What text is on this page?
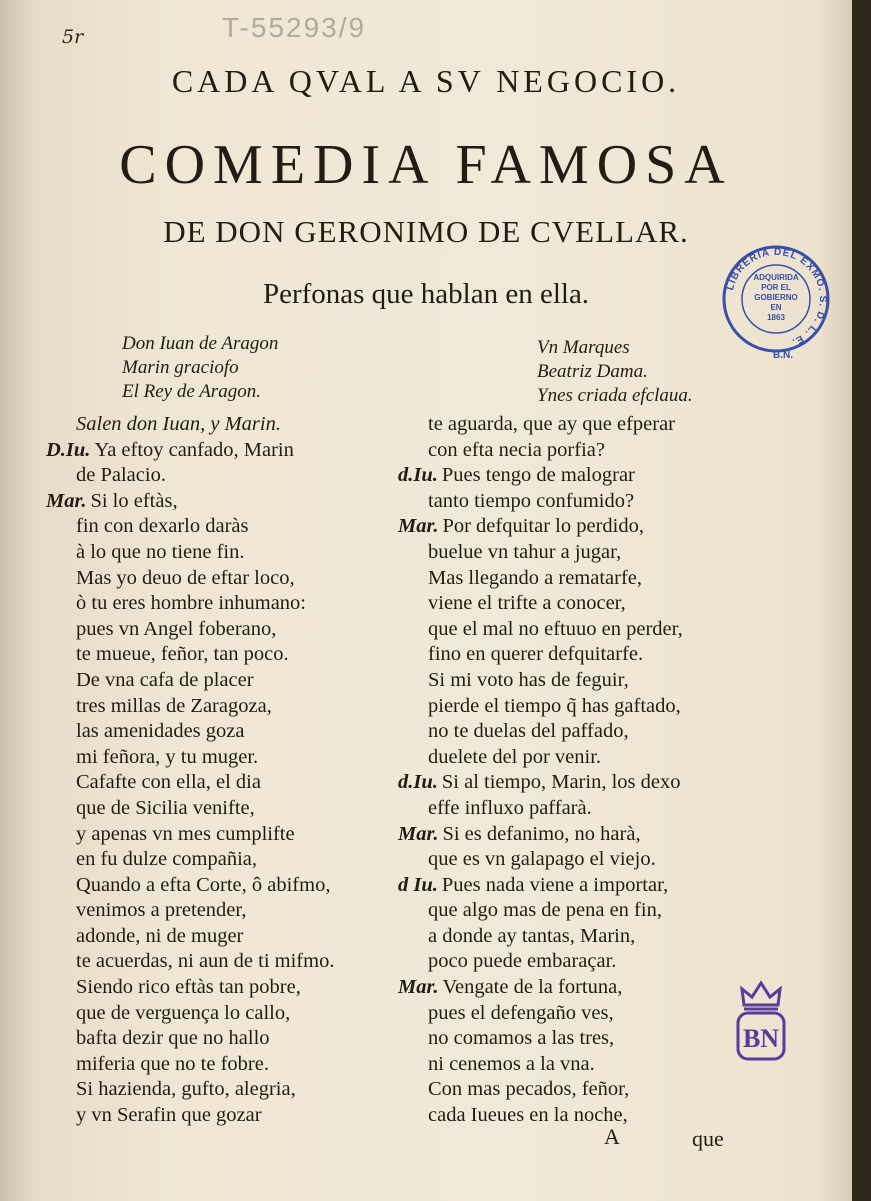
5r	T-55293/9
CADA QVAL A SV NEGOCIO.
COMEDIA FAMOSA
DE DON GERONIMO DE CVELLAR.
Perfonas que hablan en ella.
Don Iuan de Aragon
Marin graciofo
El Rey de Aragon.
Vn Marques
Beatriz Dama.
Ynes criada efclaua.
Salen don Iuan, y Marin.
D.Iu. Ya eftoy canfado, Marin
de Palacio.
Mar. Si lo eftàs,
fin con dexarlo daràs
à lo que no tiene fin.
Mas yo deuo de eftar loco,
ò tu eres hombre inhumano:
pues vn Angel foberano,
te mueue, feñor, tan poco.
De vna cafa de placer
tres millas de Zaragoza,
las amenidades goza
mi feñora, y tu muger.
Cafafte con ella, el dia
que de Sicilia venifte,
y apenas vn mes cumplifte
en fu dulze compañia,
Quando a efta Corte, ô abifmo,
venimos a pretender,
adonde, ni de muger
te acuerdas, ni aun de ti mifmo.
Siendo rico eftàs tan pobre,
que de verguença lo callo,
bafta dezir que no hallo
miferia que no te fobre.
Si hazienda, gufto, alegria,
y vn Serafin que gozar
te aguarda, que ay que efperar
con efta necia porfia?
d.Iu. Pues tengo de malograr
tanto tiempo confumido?
Mar. Por defquitar lo perdido,
buelue vn tahur a jugar,
Mas llegando a rematarfe,
viene el trifte a conocer,
que el mal no eftuuo en perder,
fino en querer defquitarfe.
Si mi voto has de feguir,
pierde el tiempo q̃ has gaftado,
no te duelas del paffado,
duelete del por venir.
d.Iu. Si al tiempo, Marin, los dexo
effe influxo paffarà.
Mar. Si es defanimo, no harà,
que es vn galapago el viejo.
d Iu. Pues nada viene a importar,
que algo mas de pena en fin,
a donde ay tantas, Marin,
poco puede embaraçar.
Mar. Vengate de la fortuna,
pues el defengaño ves,
no comamos a las tres,
ni cenemos a la vna.
Con mas pecados, feñor,
cada Iueues en la noche,
A	que
LIBRERIA DEL EXMO. S. D. L. E.
ADQUIRIDA
POR EL
GOBIERNO
EN
1863
B.N.
BN
